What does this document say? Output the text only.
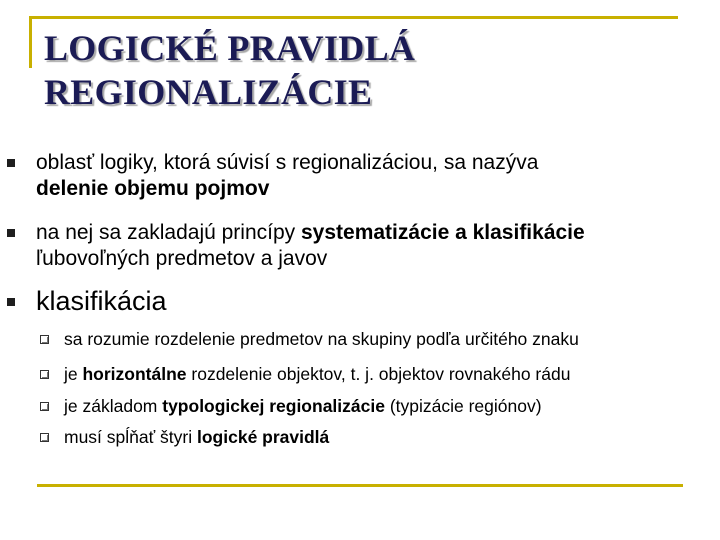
LOGICKÉ PRAVIDLÁ
REGIONALIZÁCIE
oblasť logiky, ktorá súvisí s regionalizáciou, sa nazýva
delenie objemu pojmov
na nej sa zakladajú princípy systematizácie a klasifikácie
ľubovoľných predmetov a javov
klasifikácia
sa rozumie rozdelenie predmetov na skupiny podľa určitého znaku
je horizontálne rozdelenie objektov, t. j. objektov rovnakého rádu
je základom typologickej regionalizácie (typizácie regiónov)
musí spĺňať štyri logické pravidlá
